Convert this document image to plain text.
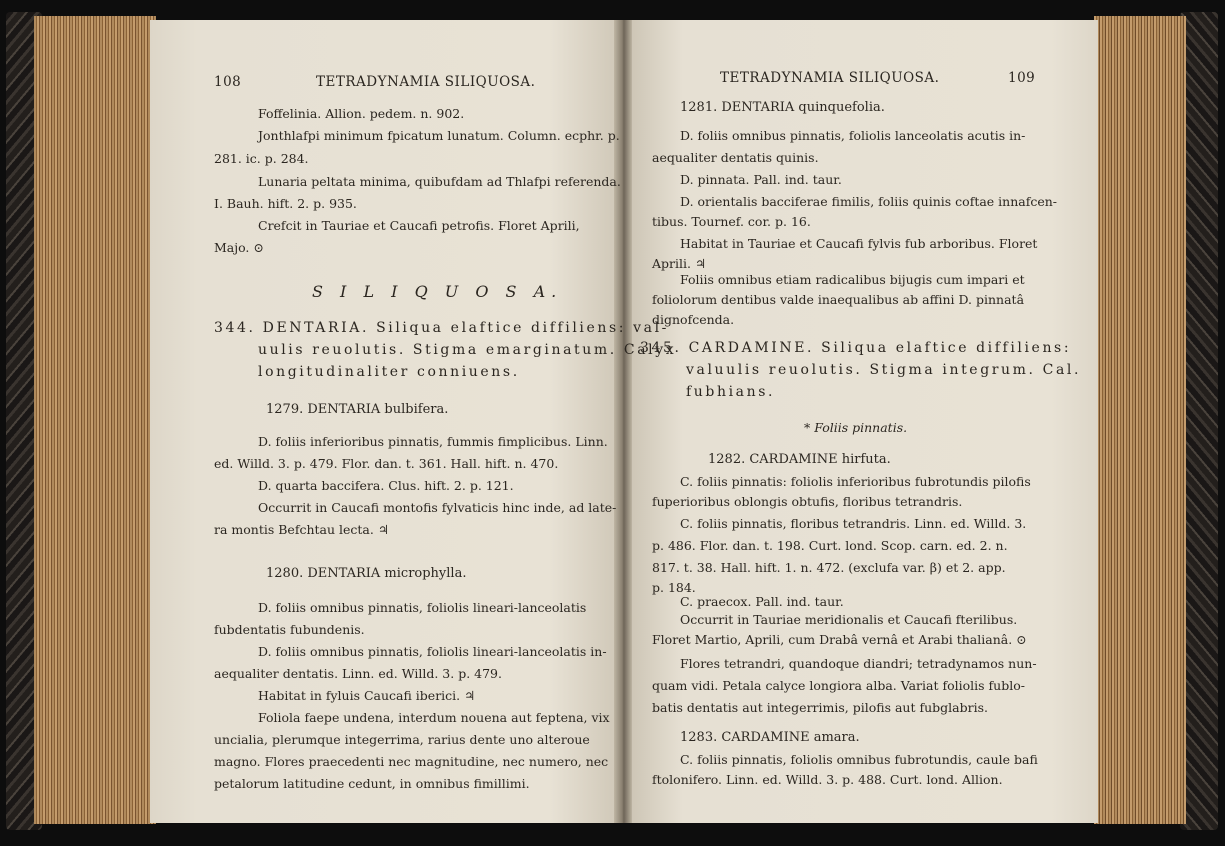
108	TETRADYNAMIA SILIQUOSA.
Foffelinia. Allion. pedem. n. 902.
Jonthlafpi minimum fpicatum lunatum. Column. ecphr. p.
281. ic. p. 284.
Lunaria peltata minima, quibufdam ad Thlafpi referenda.
I. Bauh. hift. 2. p. 935.
Crefcit in Tauriae et Caucafi petrofis. Floret Aprili,
Majo. ⊙
S I L I Q U O S A.
344. DENTARIA. Siliqua elaftice diffiliens: val-
uulis reuolutis. Stigma emarginatum. Calyx
longitudinaliter conniuens.
1279. DENTARIA bulbifera.
D. foliis inferioribus pinnatis, fummis fimplicibus. Linn.
ed. Willd. 3. p. 479. Flor. dan. t. 361. Hall. hift. n. 470.
D. quarta baccifera. Clus. hift. 2. p. 121.
Occurrit in Caucafi montofis fylvaticis hinc inde, ad late-
ra montis Befchtau lecta. ♃
1280. DENTARIA microphylla.
D. foliis omnibus pinnatis, foliolis lineari-lanceolatis
fubdentatis fubundenis.
D. foliis omnibus pinnatis, foliolis lineari-lanceolatis in-
aequaliter dentatis. Linn. ed. Willd. 3. p. 479.
Habitat in fyluis Caucafi iberici. ♃
Foliola faepe undena, interdum nouena aut feptena, vix
uncialia, plerumque integerrima, rarius dente uno alteroue
magno. Flores praecedenti nec magnitudine, nec numero, nec
petalorum latitudine cedunt, in omnibus fimillimi.
TETRADYNAMIA SILIQUOSA.	109
1281. DENTARIA quinquefolia.
D. foliis omnibus pinnatis, foliolis lanceolatis acutis in-
aequaliter dentatis quinis.
D. pinnata. Pall. ind. taur.
D. orientalis bacciferae fimilis, foliis quinis coftae innafcen-
tibus. Tournef. cor. p. 16.
Habitat in Tauriae et Caucafi fylvis fub arboribus. Floret
Aprili. ♃
Foliis omnibus etiam radicalibus bijugis cum impari et
foliolorum dentibus valde inaequalibus ab affini D. pinnatâ
dignofcenda.
345. CARDAMINE. Siliqua elaftice diffiliens:
valuulis reuolutis. Stigma integrum. Cal.
fubhians.
* Foliis pinnatis.
1282. CARDAMINE hirfuta.
C. foliis pinnatis: foliolis inferioribus fubrotundis pilofis
fuperioribus oblongis obtufis, floribus tetrandris.
C. foliis pinnatis, floribus tetrandris. Linn. ed. Willd. 3.
p. 486. Flor. dan. t. 198. Curt. lond. Scop. carn. ed. 2. n.
817. t. 38. Hall. hift. 1. n. 472. (exclufa var. β) et 2. app.
p. 184.
C. praecox. Pall. ind. taur.
Occurrit in Tauriae meridionalis et Caucafi fterilibus.
Floret Martio, Aprili, cum Drabâ vernâ et Arabi thalianâ. ⊙
Flores tetrandri, quandoque diandri; tetradynamos nun-
quam vidi. Petala calyce longiora alba. Variat foliolis fublo-
batis dentatis aut integerrimis, pilofis aut fubglabris.
1283. CARDAMINE amara.
C. foliis pinnatis, foliolis omnibus fubrotundis, caule bafi
ftolonifero. Linn. ed. Willd. 3. p. 488. Curt. lond. Allion.
